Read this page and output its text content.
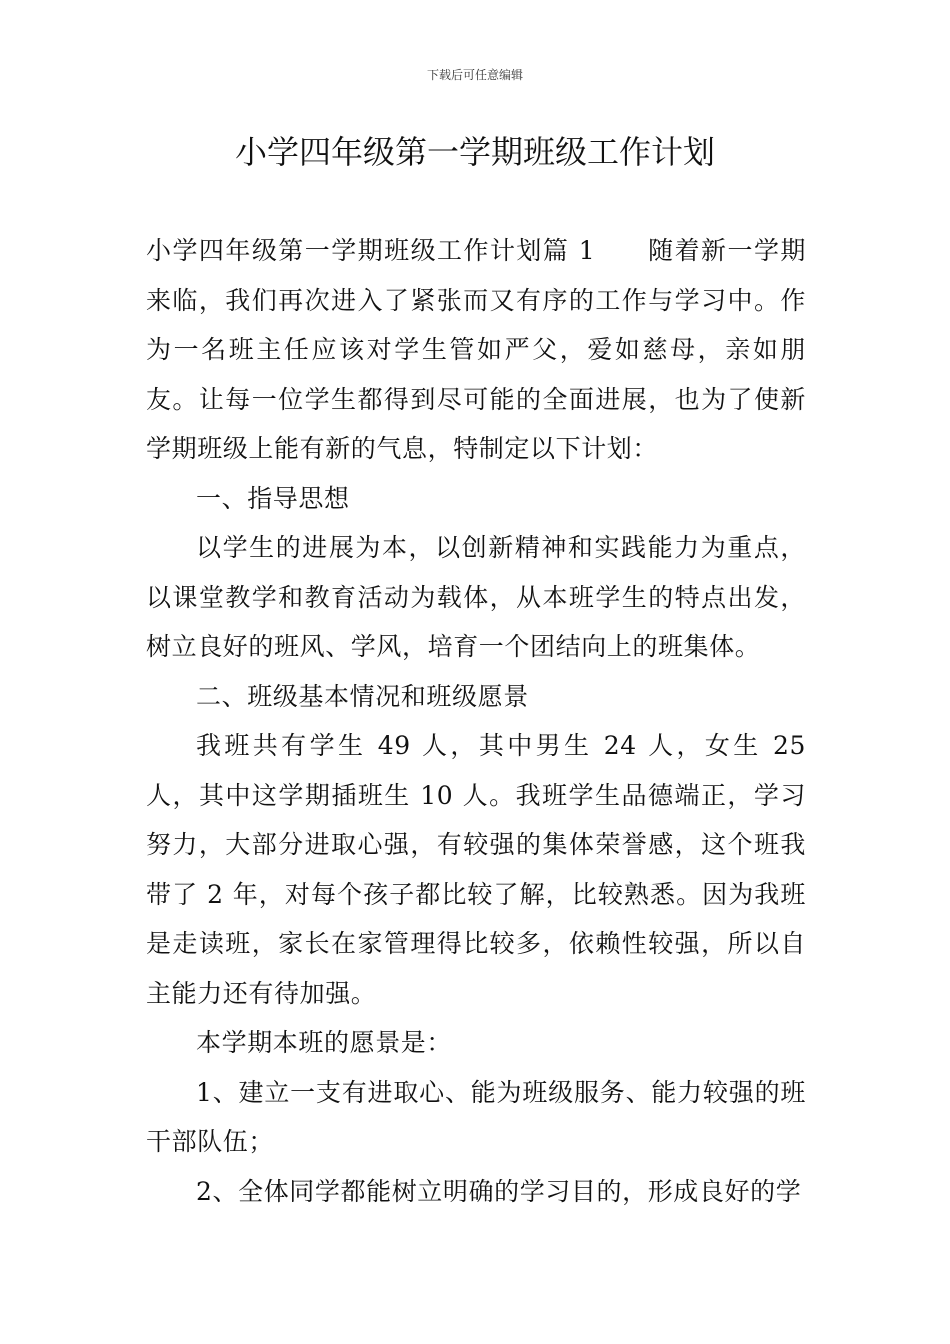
下载后可任意编辑
小学四年级第一学期班级工作计划

小学四年级第一学期班级工作计划篇 1 随着新一学期来临，我们再次进入了紧张而又有序的工作与学习中。作为一名班主任应该对学生管如严父，爱如慈母，亲如朋友。让每一位学生都得到尽可能的全面进展，也为了使新学期班级上能有新的气息，特制定以下计划：

一、指导思想

以学生的进展为本，以创新精神和实践能力为重点，以课堂教学和教育活动为载体，从本班学生的特点出发，树立良好的班风、学风，培育一个团结向上的班集体。

二、班级基本情况和班级愿景

我班共有学生 49 人，其中男生 24 人，女生 25 人，其中这学期插班生 10 人。我班学生品德端正，学习努力，大部分进取心强，有较强的集体荣誉感，这个班我带了 2 年，对每个孩子都比较了解，比较熟悉。因为我班是走读班，家长在家管理得比较多，依赖性较强，所以自主能力还有待加强。

本学期本班的愿景是：

1、建立一支有进取心、能为班级服务、能力较强的班干部队伍；

2、全体同学都能树立明确的学习目的，形成良好的学
